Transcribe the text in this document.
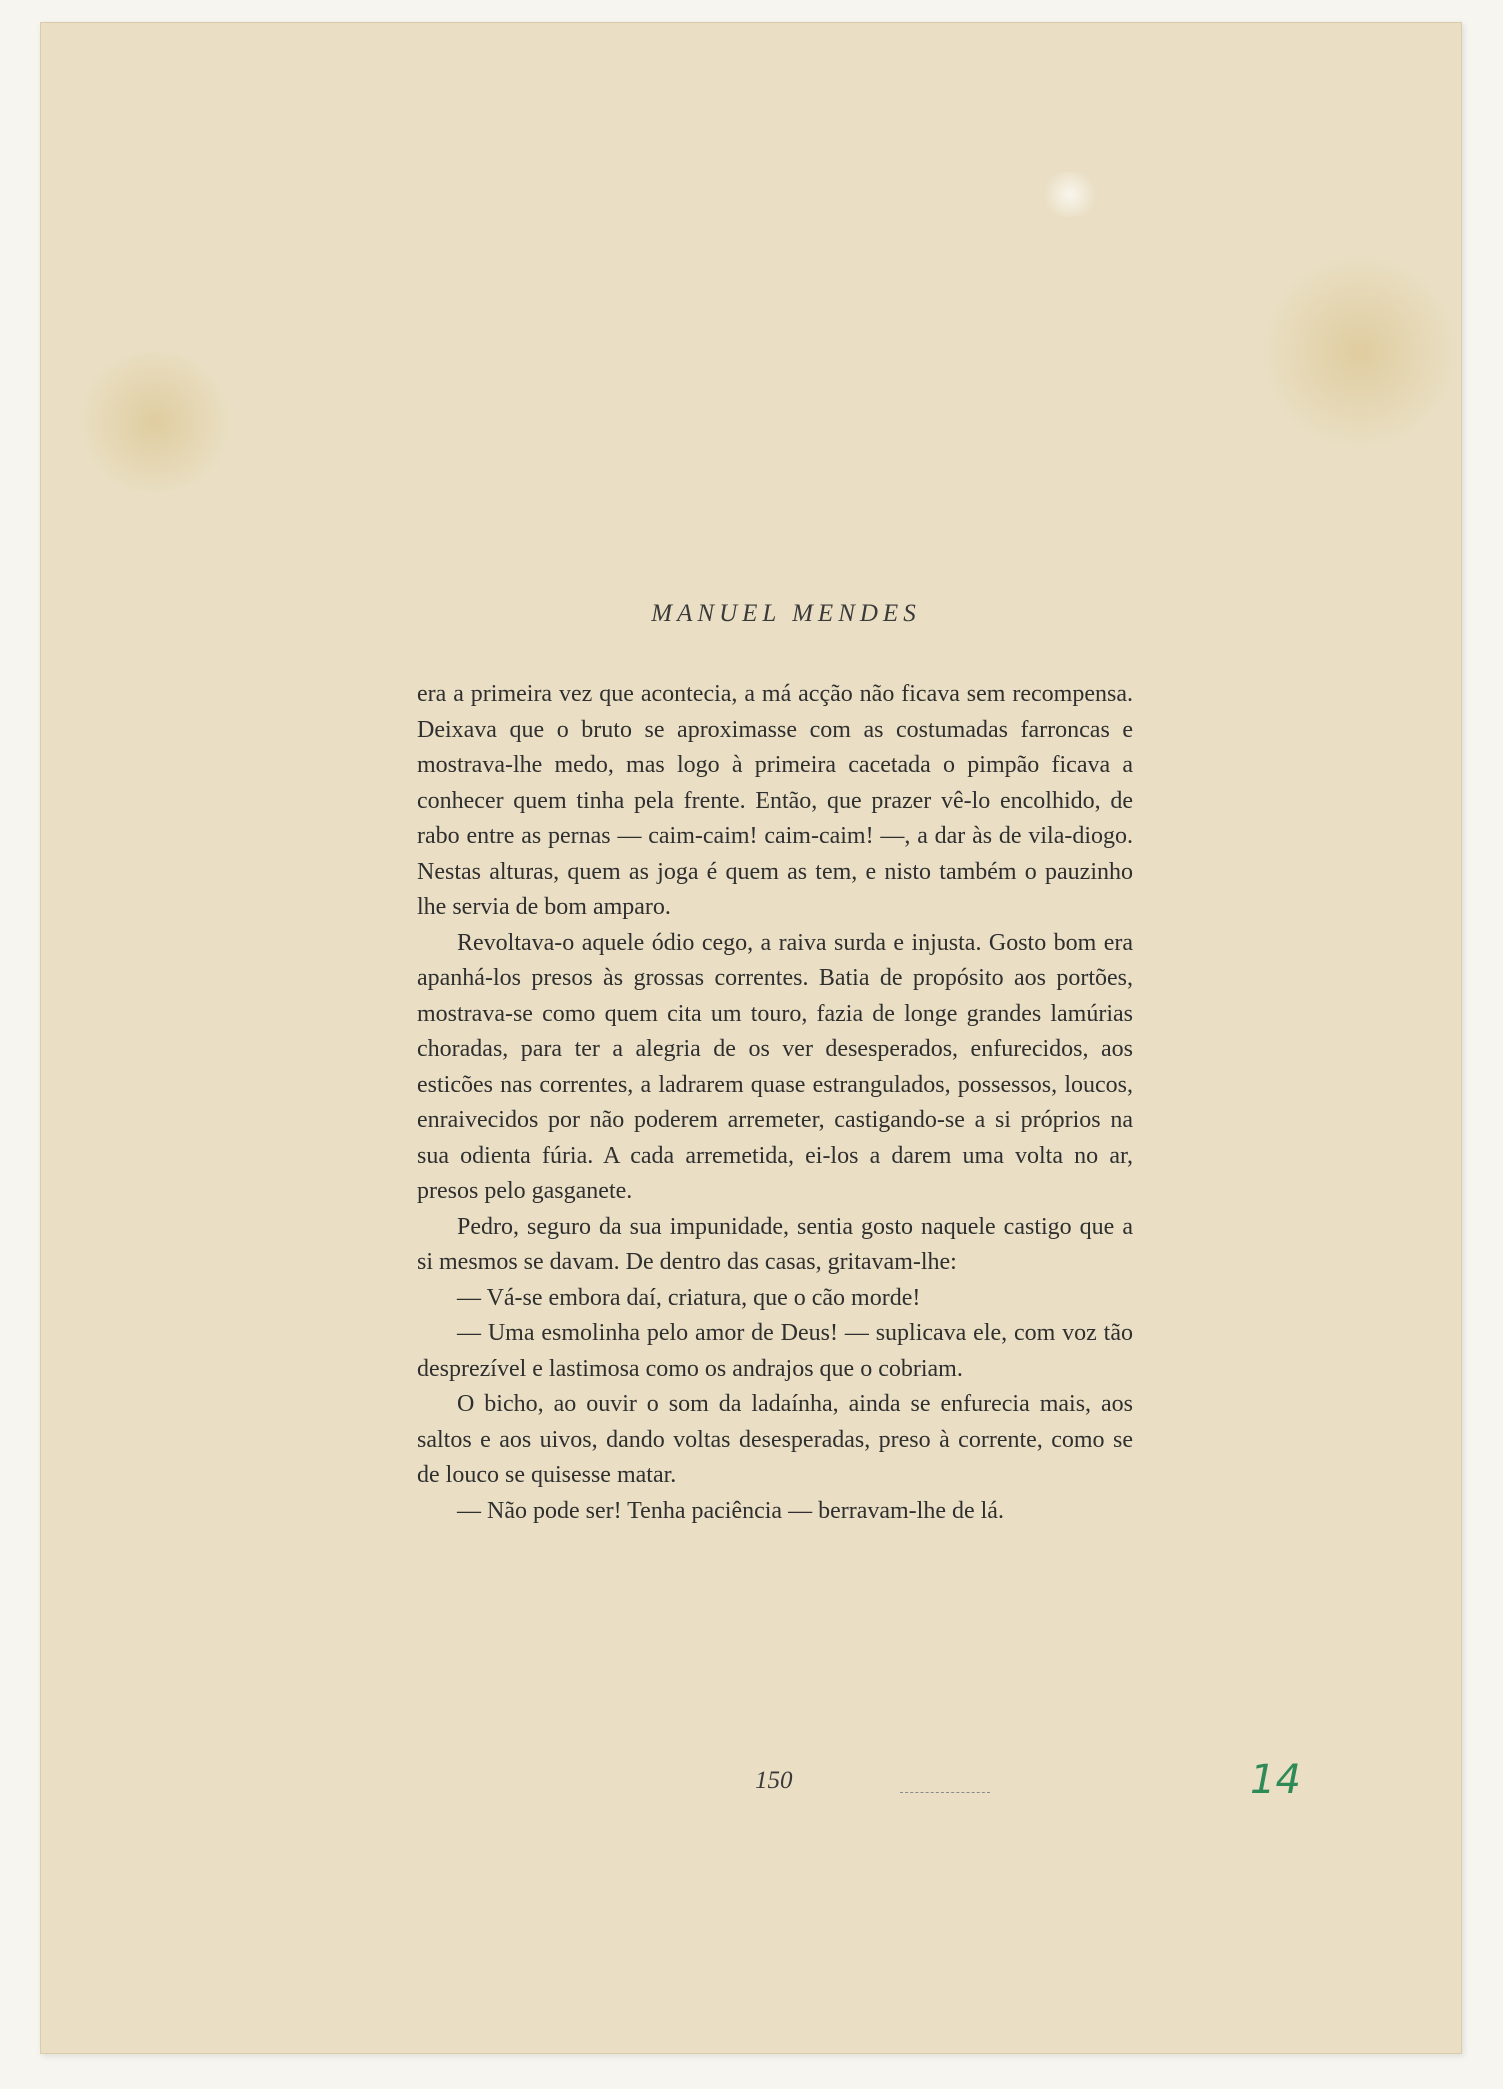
MANUEL MENDES

era a primeira vez que acontecia, a má acção não ficava sem recompensa. Deixava que o bruto se aproximasse com as costumadas farroncas e mostrava-lhe medo, mas logo à primeira cacetada o pimpão ficava a conhecer quem tinha pela frente. Então, que prazer vê-lo encolhido, de rabo entre as pernas — caim-caim! caim-caim! —, a dar às de vila-diogo. Nestas alturas, quem as joga é quem as tem, e nisto também o pauzinho lhe servia de bom amparo.

Revoltava-o aquele ódio cego, a raiva surda e injusta. Gosto bom era apanhá-los presos às grossas correntes. Batia de propósito aos portões, mostrava-se como quem cita um touro, fazia de longe grandes lamúrias choradas, para ter a alegria de os ver desesperados, enfurecidos, aos esticões nas correntes, a ladrarem quase estrangulados, possessos, loucos, enraivecidos por não poderem arremeter, castigando-se a si próprios na sua odienta fúria. A cada arremetida, ei-los a darem uma volta no ar, presos pelo gasganete.

Pedro, seguro da sua impunidade, sentia gosto naquele castigo que a si mesmos se davam. De dentro das casas, gritavam-lhe:

— Vá-se embora daí, criatura, que o cão morde!

— Uma esmolinha pelo amor de Deus! — suplicava ele, com voz tão desprezível e lastimosa como os andrajos que o cobriam.

O bicho, ao ouvir o som da ladaínha, ainda se enfurecia mais, aos saltos e aos uivos, dando voltas desesperadas, preso à corrente, como se de louco se quisesse matar.

— Não pode ser! Tenha paciência — berravam-lhe de lá.

150	14
